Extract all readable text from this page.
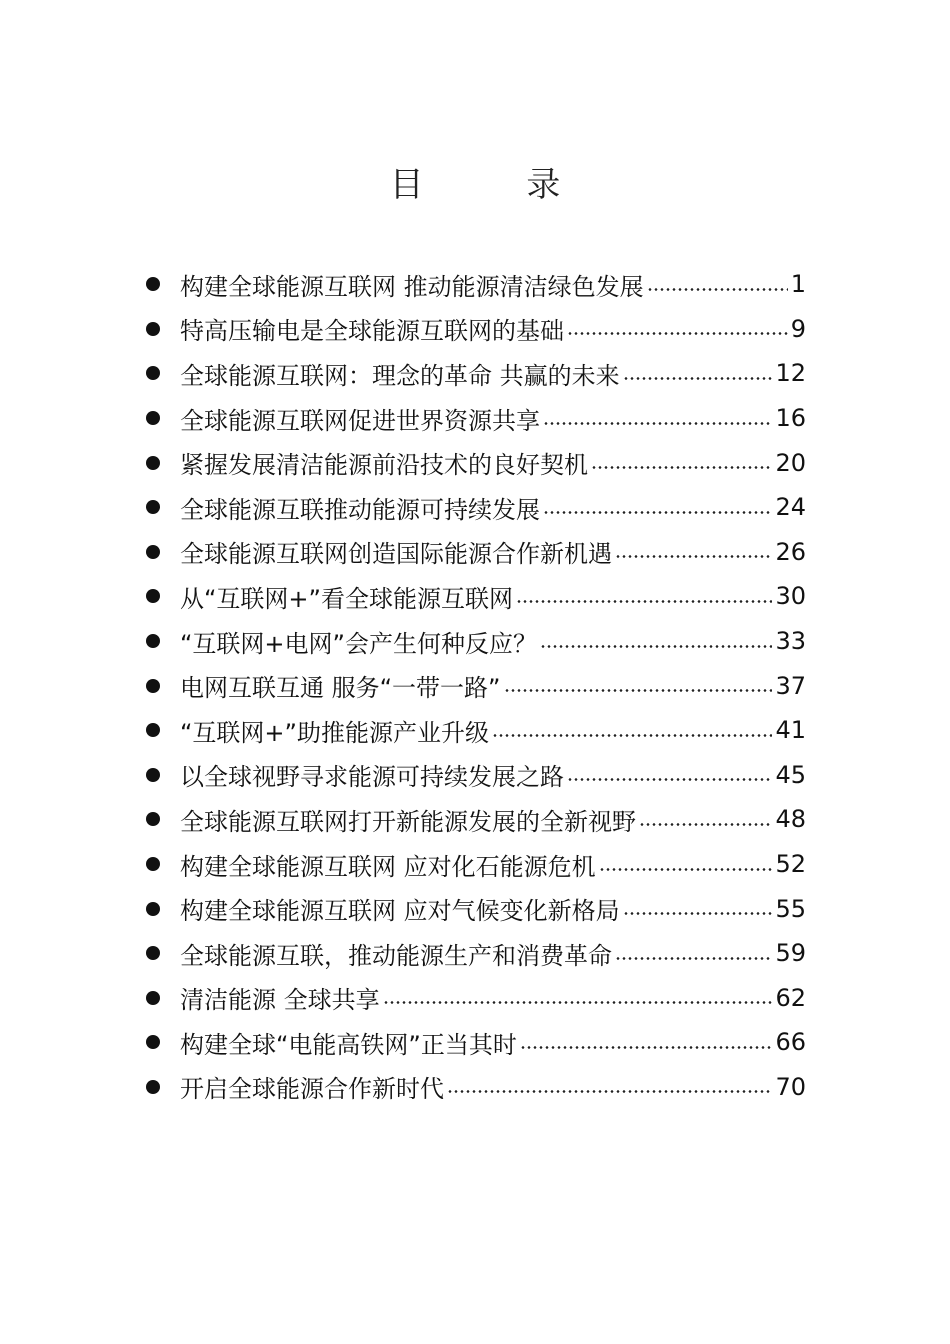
目 录
构建全球能源互联网 推动能源清洁绿色发展	1
特高压输电是全球能源互联网的基础	9
全球能源互联网：理念的革命 共赢的未来	12
全球能源互联网促进世界资源共享	16
紧握发展清洁能源前沿技术的良好契机	20
全球能源互联推动能源可持续发展	24
全球能源互联网创造国际能源合作新机遇	26
从“互联网+”看全球能源互联网	30
“互联网+电网”会产生何种反应？	33
电网互联互通 服务“一带一路”	37
“互联网+”助推能源产业升级	41
以全球视野寻求能源可持续发展之路	45
全球能源互联网打开新能源发展的全新视野	48
构建全球能源互联网 应对化石能源危机	52
构建全球能源互联网 应对气候变化新格局	55
全球能源互联，推动能源生产和消费革命	59
清洁能源 全球共享	62
构建全球“电能高铁网”正当其时	66
开启全球能源合作新时代	70
